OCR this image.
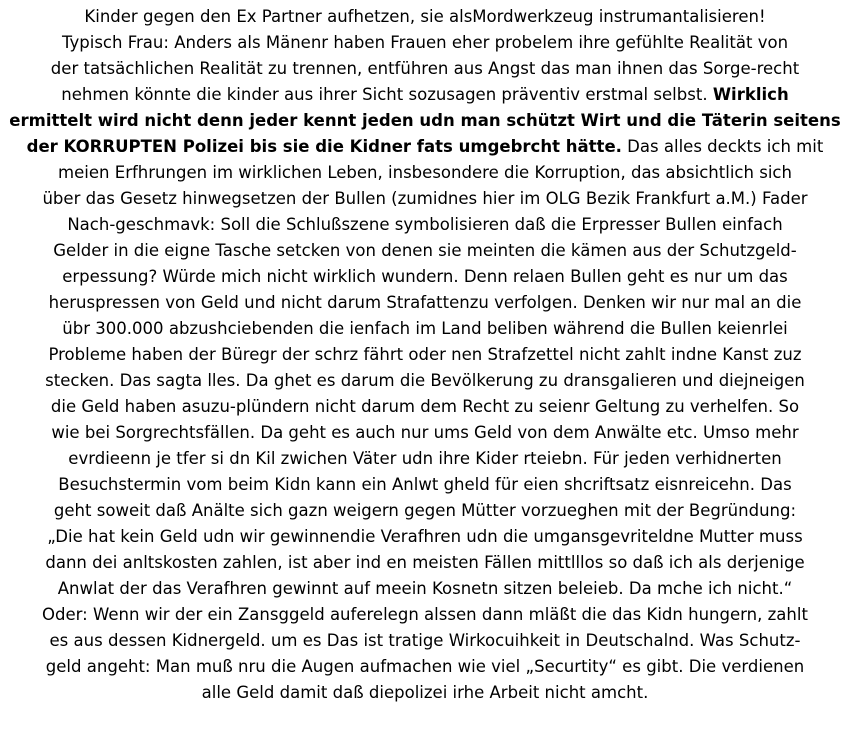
Kinder gegen den Ex Partner aufhetzen, sie alsMordwerkzeug instrumantalisieren!
Typisch Frau: Anders als Mänenr haben Frauen eher probelem ihre gefühlte Realität von
der tatsächlichen Realität zu trennen, entführen aus Angst das man ihnen das Sorge-recht
nehmen könnte die kinder aus ihrer Sicht sozusagen präventiv erstmal selbst. Wirklich
ermittelt wird nicht denn jeder kennt jeden udn man schützt Wirt und die Täterin seitens
der KORRUPTEN Polizei bis sie die Kidner fats umgebrcht hätte. Das alles deckts ich mit
meien Erfhrungen im wirklichen Leben, insbesondere die Korruption, das absichtlich sich
über das Gesetz hinwegsetzen der Bullen (zumidnes hier im OLG Bezik Frankfurt a.M.) Fader
Nach-geschmavk: Soll die Schlußszene symbolisieren daß die Erpresser Bullen einfach
Gelder in die eigne Tasche setcken von denen sie meinten die kämen aus der Schutzgeld-
erpessung? Würde mich nicht wirklich wundern. Denn relaen Bullen geht es nur um das
heruspressen von Geld und nicht darum Strafattenzu verfolgen. Denken wir nur mal an die
übr 300.000 abzushciebenden die ienfach im Land beliben während die Bullen keienrlei
Probleme haben der Büregr der schrz fährt oder nen Strafzettel nicht zahlt indne Kanst zuz
stecken. Das sagta lles. Da ghet es darum die Bevölkerung zu dransgalieren und diejneigen
die Geld haben asuzu-plündern nicht darum dem Recht zu seienr Geltung zu verhelfen. So
wie bei Sorgrechtsfällen. Da geht es auch nur ums Geld von dem Anwälte etc. Umso mehr
evrdieenn je tfer si dn Kil zwichen Väter udn ihre Kider rteiebn. Für jeden verhidnerten
Besuchstermin vom beim Kidn kann ein Anlwt gheld für eien shcriftsatz eisnreicehn. Das
geht soweit daß Anälte sich gazn weigern gegen Mütter vorzueghen mit der Begründung:
„Die hat kein Geld udn wir gewinnendie Verafhren udn die umgansgevriteldne Mutter muss
dann dei anltskosten zahlen, ist aber ind en meisten Fällen mittlllos so daß ich als derjenige
Anwlat der das Verafhren gewinnt auf meein Kosnetn sitzen beleieb. Da mche ich nicht.“
Oder: Wenn wir der ein Zansggeld auferelegn alssen dann mläßt die das Kidn hungern, zahlt
es aus dessen Kidnergeld. um es Das ist tratige Wirkocuihkeit in Deutschalnd. Was Schutz-
geld angeht: Man muß nru die Augen aufmachen wie viel „Securtity“ es gibt. Die verdienen
alle Geld damit daß diepolizei irhe Arbeit nicht amcht.
